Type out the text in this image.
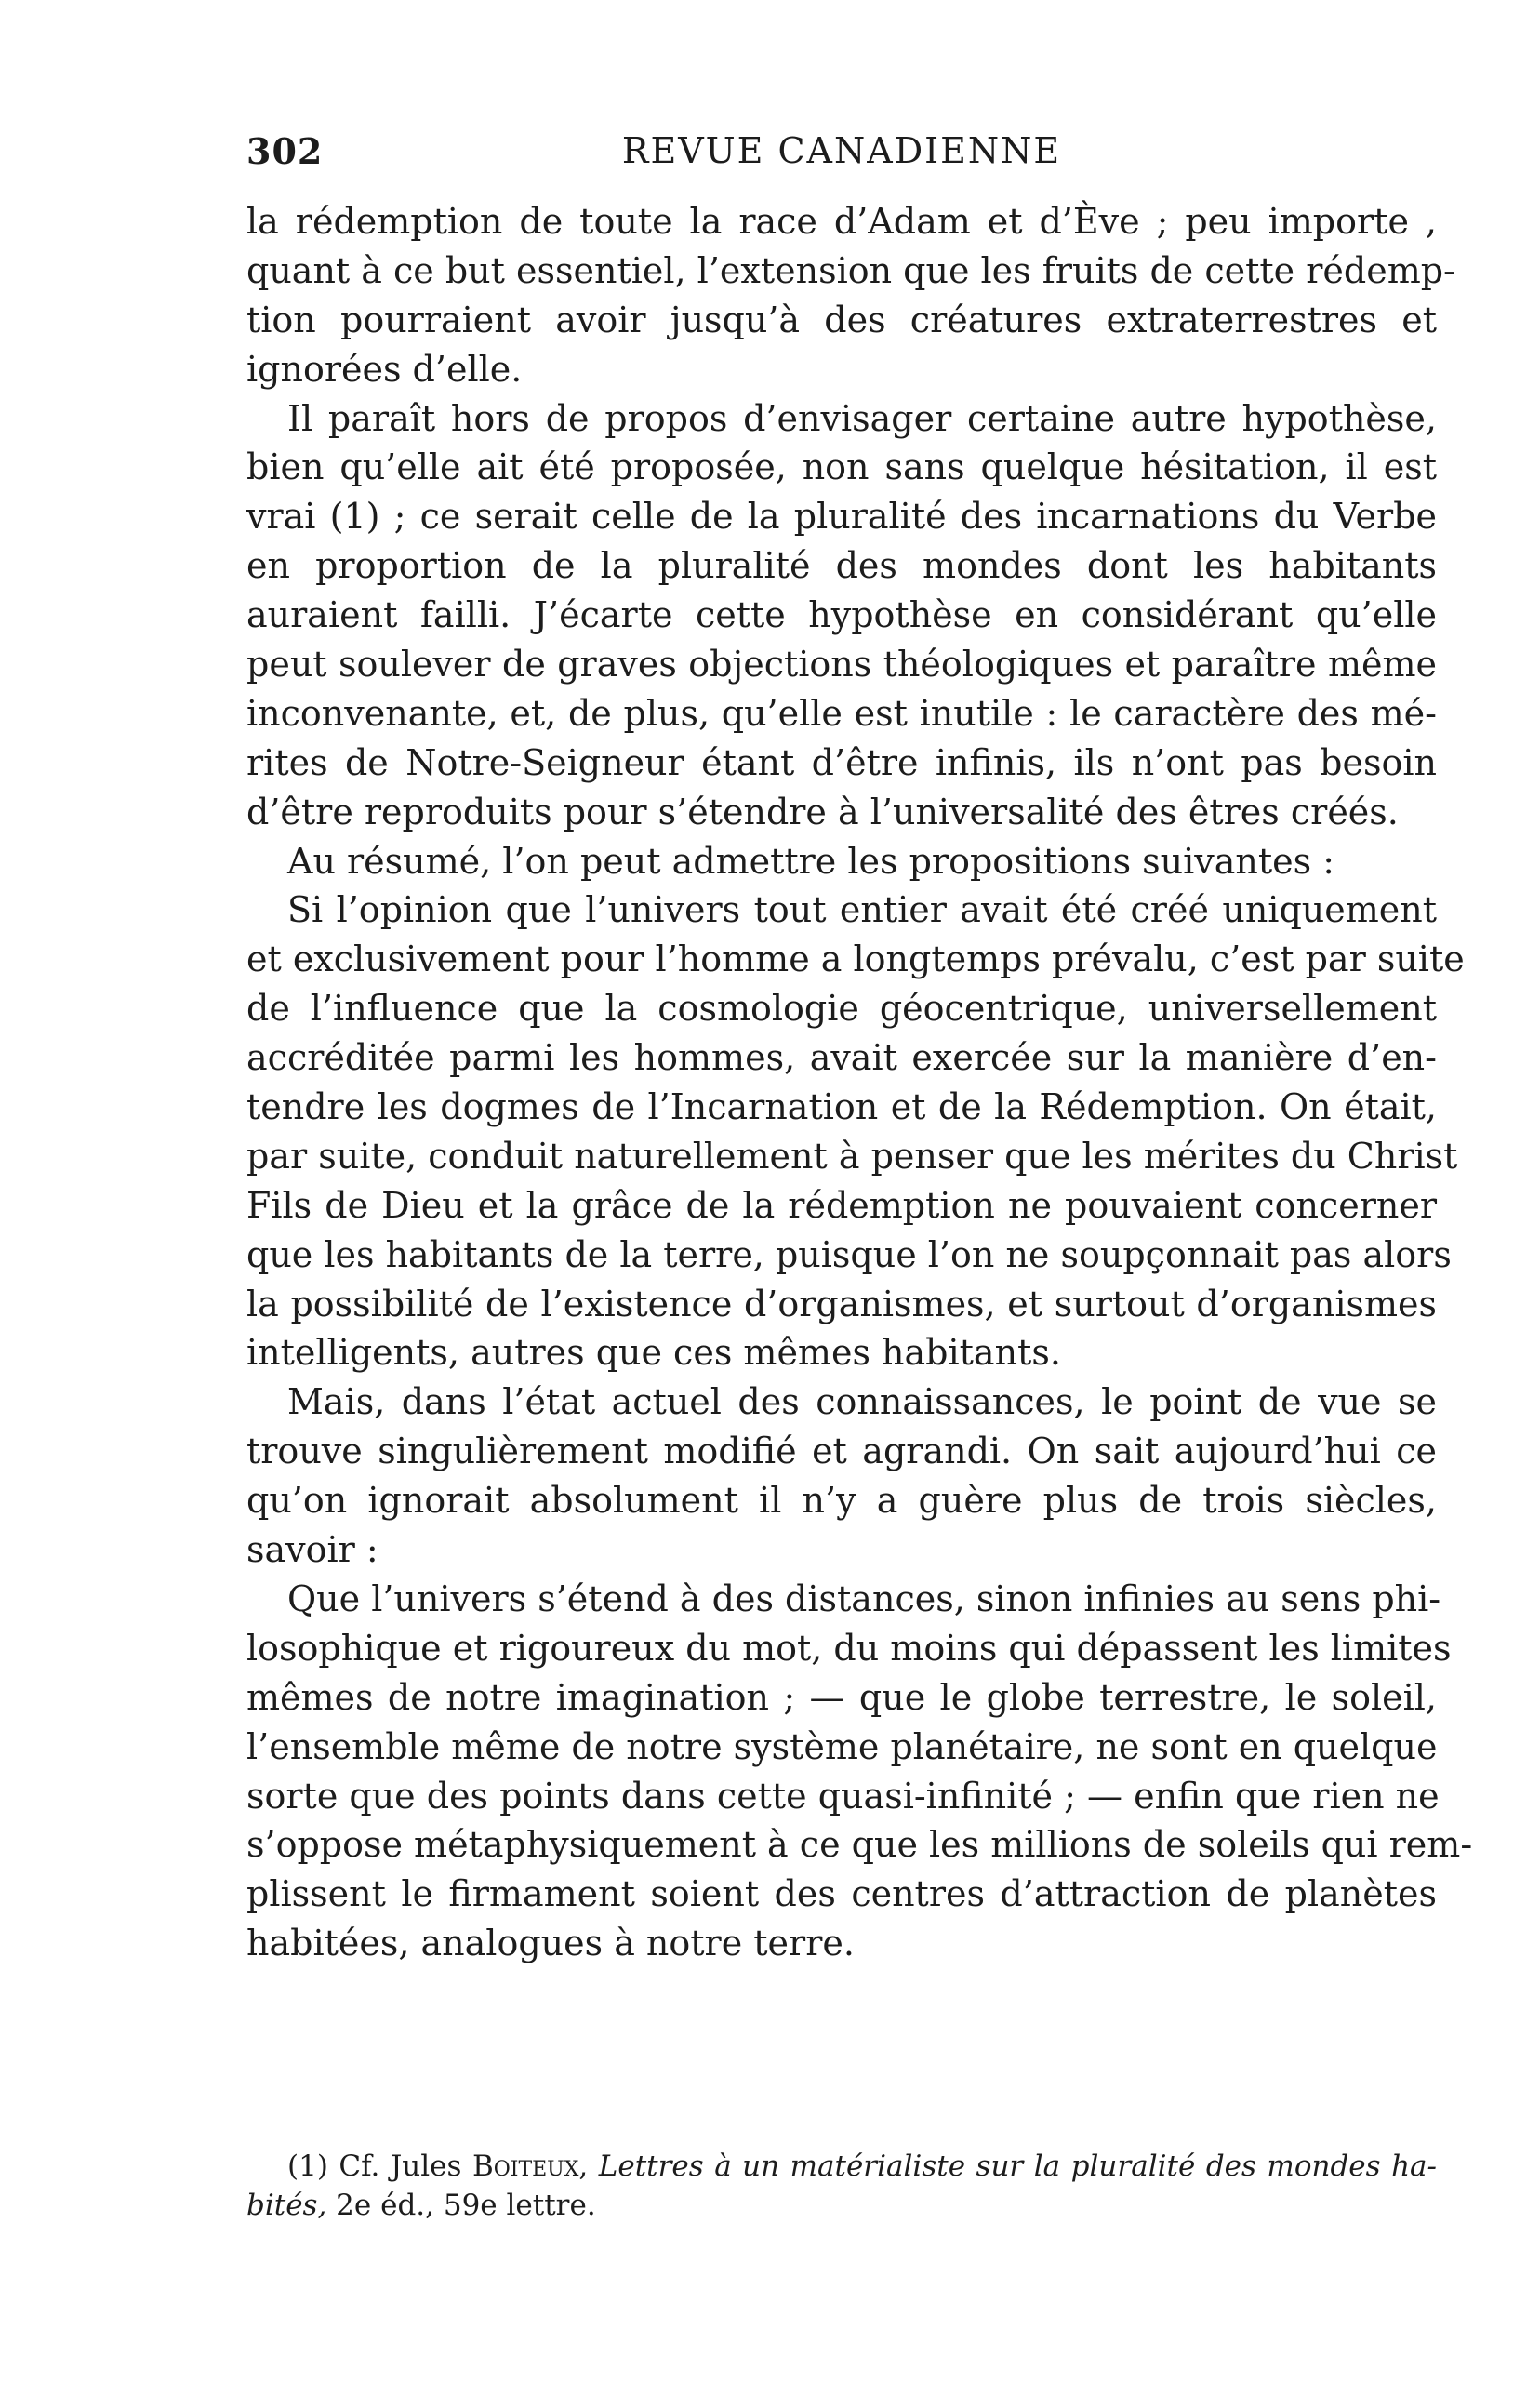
302	REVUE CANADIENNE
la rédemption de toute la race d’Adam et d’Ève ; peu importe ,
quant à ce but essentiel, l’extension que les fruits de cette rédemp-
tion pourraient avoir jusqu’à des créatures extraterrestres et
ignorées d’elle.
Il paraît hors de propos d’envisager certaine autre hypothèse,
bien qu’elle ait été proposée, non sans quelque hésitation, il est
vrai (1) ; ce serait celle de la pluralité des incarnations du Verbe
en proportion de la pluralité des mondes dont les habitants
auraient failli. J’écarte cette hypothèse en considérant qu’elle
peut soulever de graves objections théologiques et paraître même
inconvenante, et, de plus, qu’elle est inutile : le caractère des mé-
rites de Notre-Seigneur étant d’être infinis, ils n’ont pas besoin
d’être reproduits pour s’étendre à l’universalité des êtres créés.
Au résumé, l’on peut admettre les propositions suivantes :
Si l’opinion que l’univers tout entier avait été créé uniquement
et exclusivement pour l’homme a longtemps prévalu, c’est par suite
de l’influence que la cosmologie géocentrique, universellement
accréditée parmi les hommes, avait exercée sur la manière d’en-
tendre les dogmes de l’Incarnation et de la Rédemption. On était,
par suite, conduit naturellement à penser que les mérites du Christ
Fils de Dieu et la grâce de la rédemption ne pouvaient concerner
que les habitants de la terre, puisque l’on ne soupçonnait pas alors
la possibilité de l’existence d’organismes, et surtout d’organismes
intelligents, autres que ces mêmes habitants.
Mais, dans l’état actuel des connaissances, le point de vue se
trouve singulièrement modifié et agrandi. On sait aujourd’hui ce
qu’on ignorait absolument il n’y a guère plus de trois siècles,
savoir :
Que l’univers s’étend à des distances, sinon infinies au sens phi-
losophique et rigoureux du mot, du moins qui dépassent les limites
mêmes de notre imagination ; — que le globe terrestre, le soleil,
l’ensemble même de notre système planétaire, ne sont en quelque
sorte que des points dans cette quasi-infinité ; — enfin que rien ne
s’oppose métaphysiquement à ce que les millions de soleils qui rem-
plissent le firmament soient des centres d’attraction de planètes
habitées, analogues à notre terre.
(1) Cf. Jules Boiteux, Lettres à un matérialiste sur la pluralité des mondes ha-
bités, 2e éd., 59e lettre.
